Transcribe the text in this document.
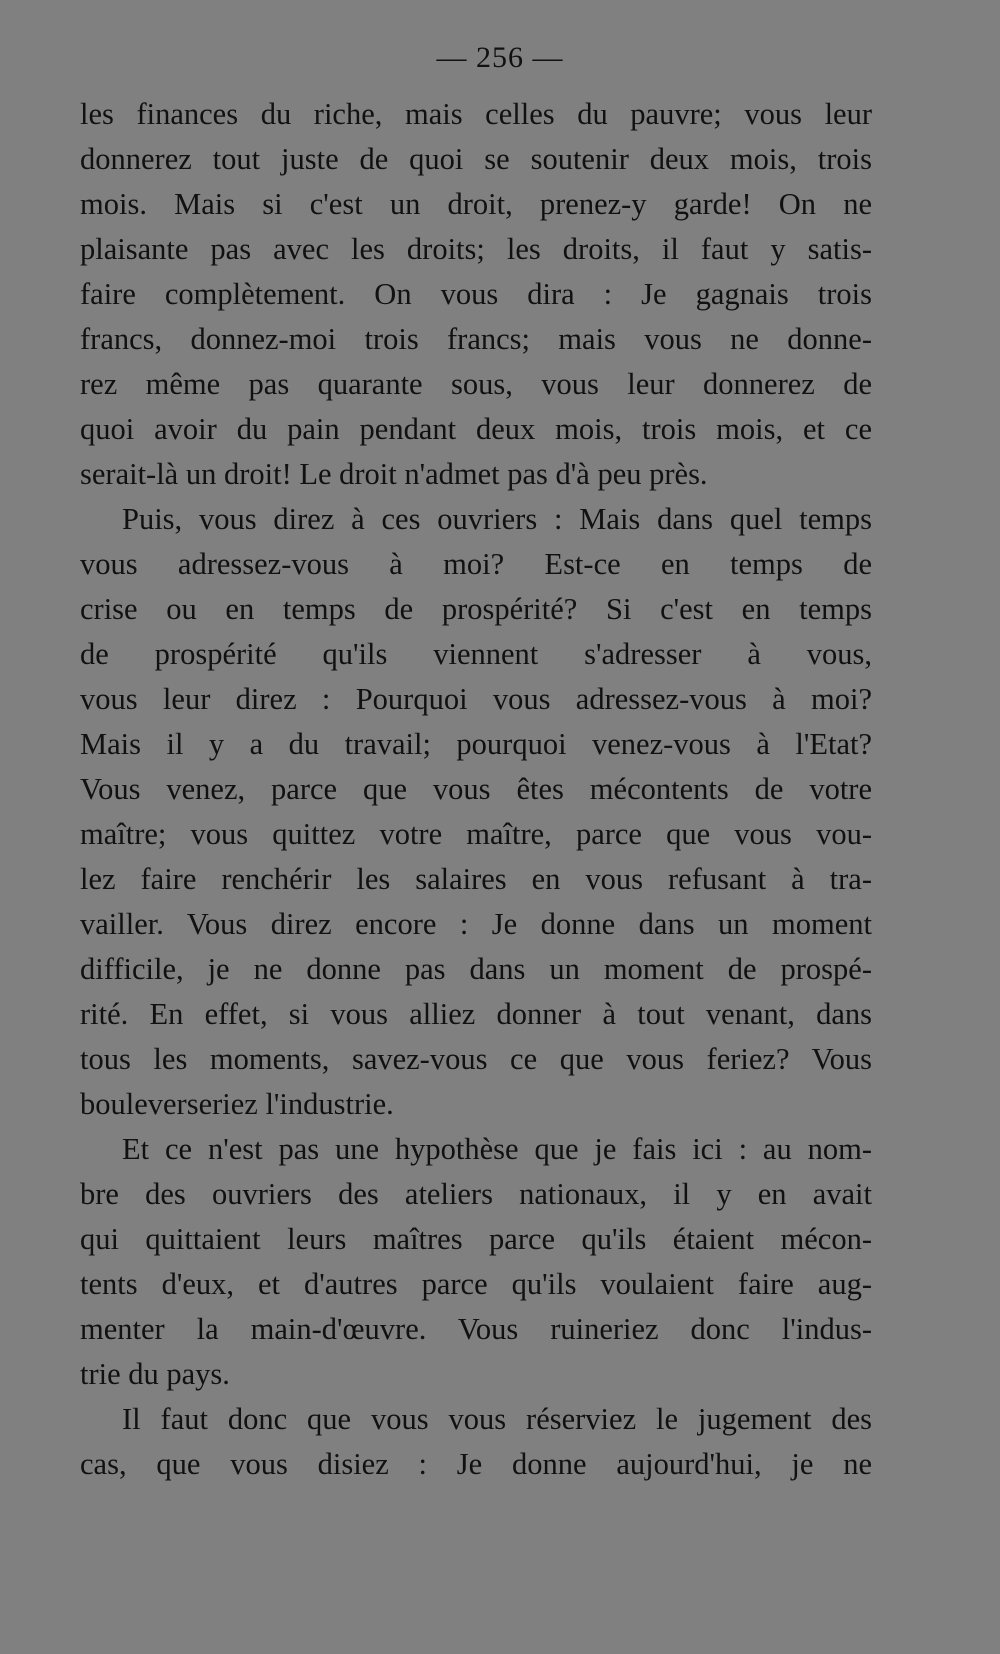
— 256 —
les finances du riche, mais celles du pauvre; vous leur
donnerez tout juste de quoi se soutenir deux mois, trois
mois. Mais si c'est un droit, prenez-y garde! On ne
plaisante pas avec les droits; les droits, il faut y satis-
faire complètement. On vous dira : Je gagnais trois
francs, donnez-moi trois francs; mais vous ne donne-
rez même pas quarante sous, vous leur donnerez de
quoi avoir du pain pendant deux mois, trois mois, et ce
serait-là un droit! Le droit n'admet pas d'à peu près.
Puis, vous direz à ces ouvriers : Mais dans quel temps
vous adressez-vous à moi? Est-ce en temps de
crise ou en temps de prospérité? Si c'est en temps
de prospérité qu'ils viennent s'adresser à vous,
vous leur direz : Pourquoi vous adressez-vous à moi?
Mais il y a du travail; pourquoi venez-vous à l'Etat?
Vous venez, parce que vous êtes mécontents de votre
maître; vous quittez votre maître, parce que vous vou-
lez faire renchérir les salaires en vous refusant à tra-
vailler. Vous direz encore : Je donne dans un moment
difficile, je ne donne pas dans un moment de prospé-
rité. En effet, si vous alliez donner à tout venant, dans
tous les moments, savez-vous ce que vous feriez? Vous
bouleverseriez l'industrie.
Et ce n'est pas une hypothèse que je fais ici : au nom-
bre des ouvriers des ateliers nationaux, il y en avait
qui quittaient leurs maîtres parce qu'ils étaient mécon-
tents d'eux, et d'autres parce qu'ils voulaient faire aug-
menter la main-d'œuvre. Vous ruineriez donc l'indus-
trie du pays.
Il faut donc que vous vous réserviez le jugement des
cas, que vous disiez : Je donne aujourd'hui, je ne
